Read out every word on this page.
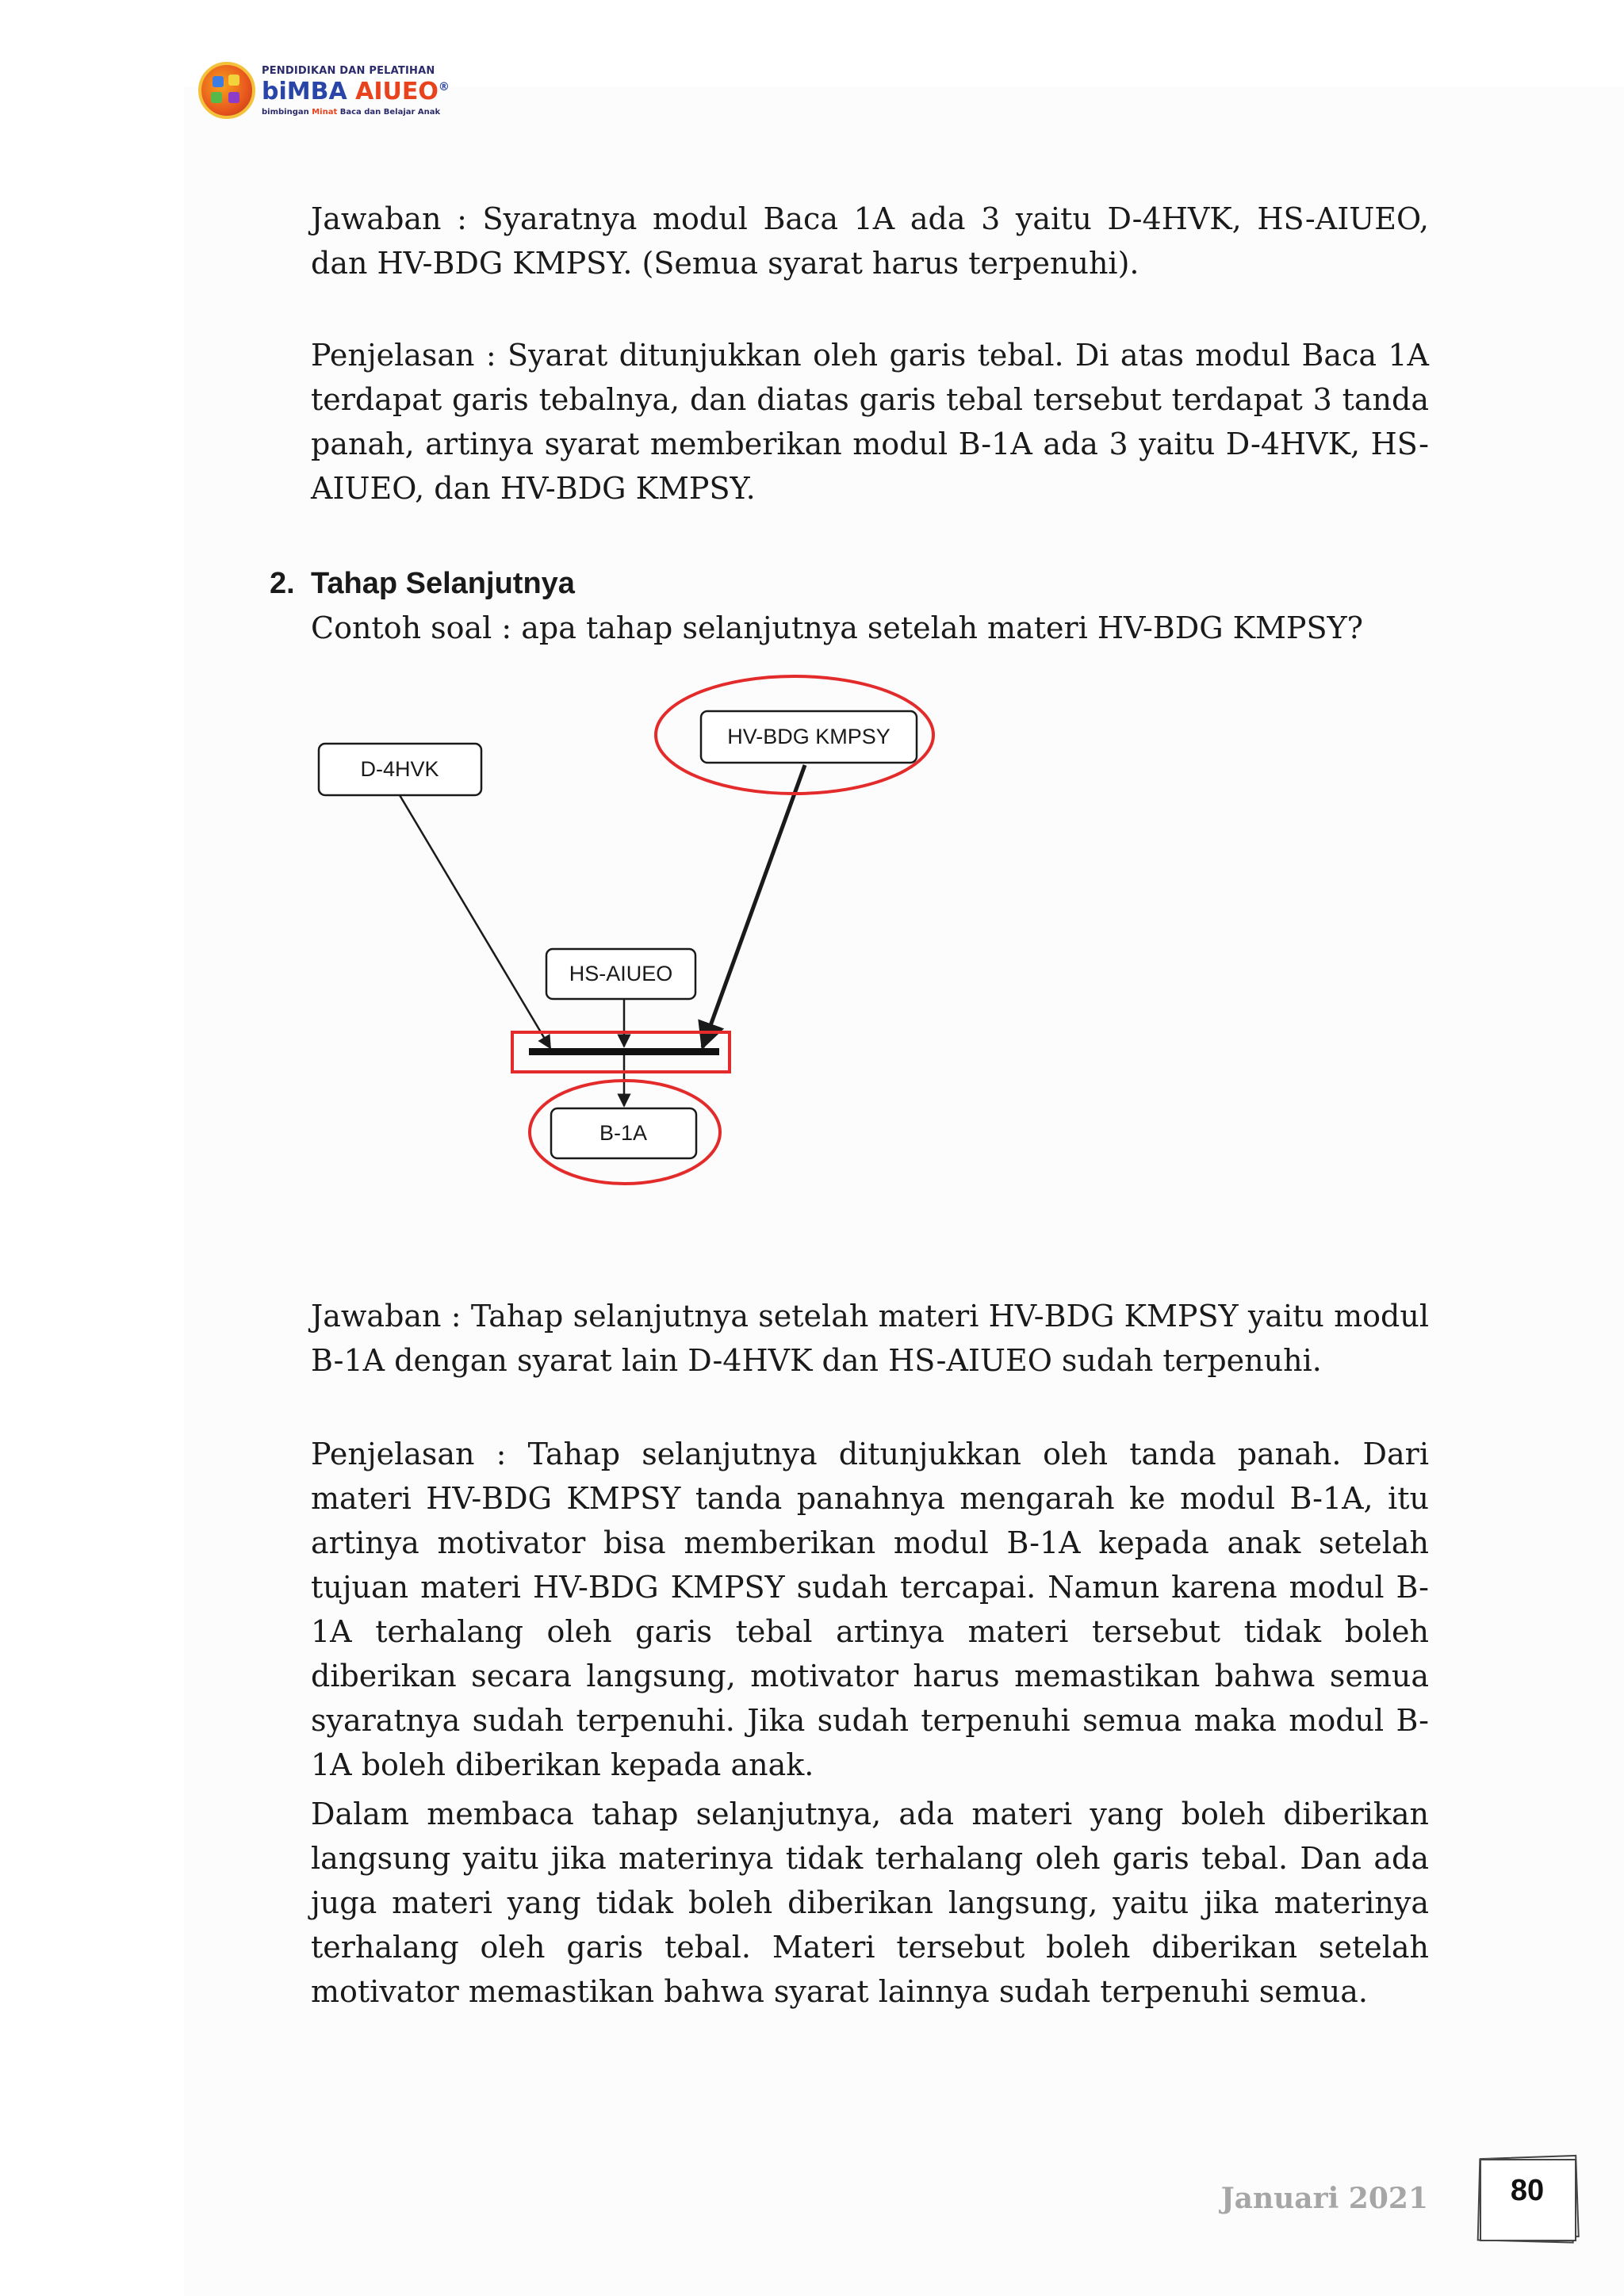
PENDIDIKAN DAN PELATIHAN
biMBA AIUEO®
bimbingan Minat Baca dan Belajar Anak

Jawaban : Syaratnya modul Baca 1A ada 3 yaitu D-4HVK, HS-AIUEO, dan HV-BDG KMPSY. (Semua syarat harus terpenuhi).

Penjelasan : Syarat ditunjukkan oleh garis tebal. Di atas modul Baca 1A terdapat garis tebalnya, dan diatas garis tebal tersebut terdapat 3 tanda panah, artinya syarat memberikan modul B-1A ada 3 yaitu D-4HVK, HS-AIUEO, dan HV-BDG KMPSY.

2. Tahap Selanjutnya

Contoh soal : apa tahap selanjutnya setelah materi HV-BDG KMPSY?

D-4HVK
HV-BDG KMPSY
HS-AIUEO
B-1A

Jawaban : Tahap selanjutnya setelah materi HV-BDG KMPSY yaitu modul B-1A dengan syarat lain D-4HVK dan HS-AIUEO sudah terpenuhi.

Penjelasan : Tahap selanjutnya ditunjukkan oleh tanda panah. Dari materi HV-BDG KMPSY tanda panahnya mengarah ke modul B-1A, itu artinya motivator bisa memberikan modul B-1A kepada anak setelah tujuan materi HV-BDG KMPSY sudah tercapai. Namun karena modul B-1A terhalang oleh garis tebal artinya materi tersebut tidak boleh diberikan secara langsung, motivator harus memastikan bahwa semua syaratnya sudah terpenuhi. Jika sudah terpenuhi semua maka modul B-1A boleh diberikan kepada anak.

Dalam membaca tahap selanjutnya, ada materi yang boleh diberikan langsung yaitu jika materinya tidak terhalang oleh garis tebal. Dan ada juga materi yang tidak boleh diberikan langsung, yaitu jika materinya terhalang oleh garis tebal. Materi tersebut boleh diberikan setelah motivator memastikan bahwa syarat lainnya sudah terpenuhi semua.

Januari 2021	80
